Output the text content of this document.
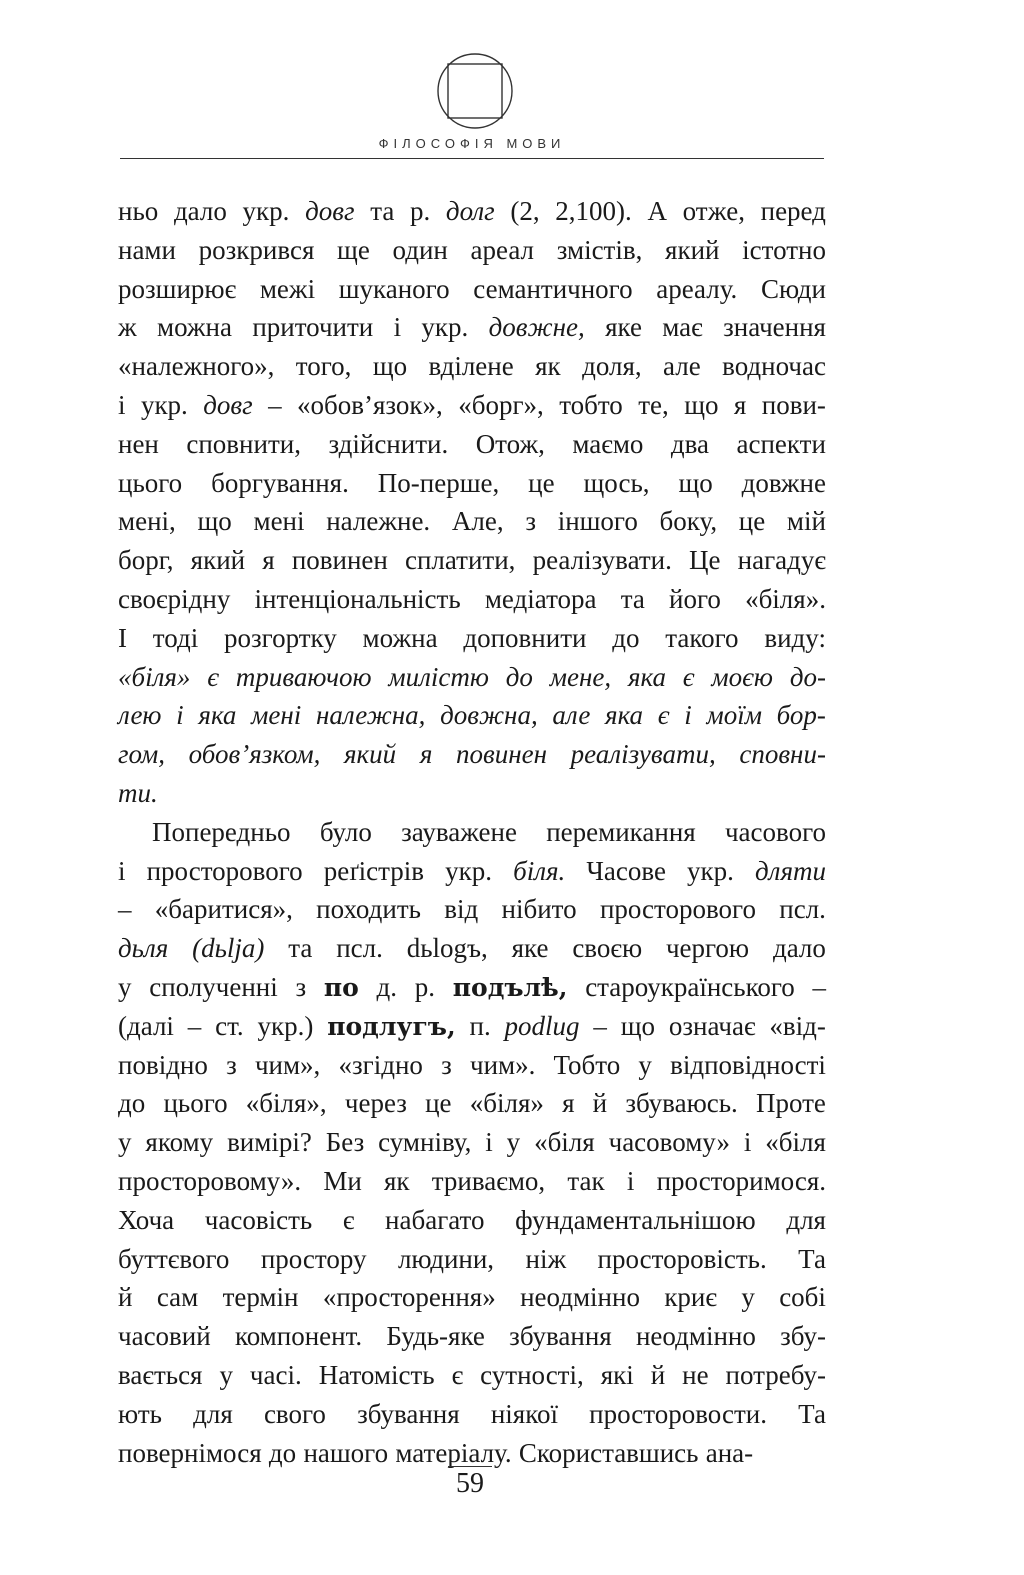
ФІЛОСОФІЯ МОВИ
ньо дало укр. довг та р. долг (2, 2,100). А отже, перед
нами розкрився ще один ареал змістів, який істотно
розширює межі шуканого семантичного ареалу. Сюди
ж можна приточити і укр. довжне, яке має значення
«належного», того, що вділене як доля, але водночас
і укр. довг – «обов’язок», «борг», тобто те, що я пови-
нен сповнити, здійснити. Отож, маємо два аспекти
цього боргування. По-перше, це щось, що довжне
мені, що мені належне. Але, з іншого боку, це мій
борг, який я повинен сплатити, реалізувати. Це нагадує
своєрідну інтенціональність медіатора та його «біля».
І тоді розгортку можна доповнити до такого виду:
«біля» є триваючою милістю до мене, яка є моєю до-
лею і яка мені належна, довжна, але яка є і моїм бор-
гом, обов’язком, який я повинен реалізувати, сповни-
ти.
Попередньо було зауважене перемикання часового
і просторового реґістрів укр. біля. Часове укр. дляти
– «баритися», походить від нібито просторового псл.
дьля (dьlja) та псл. dьlogъ, яке своєю чергою дало
у сполученні з по д. р. подълѣ, староукраїнського –
(далі – ст. укр.) подлугъ, п. podlug – що означає «від-
повідно з чим», «згідно з чим». Тобто у відповідності
до цього «біля», через це «біля» я й збуваюсь. Проте
у якому вимірі? Без сумніву, і у «біля часовому» і «біля
просторовому». Ми як триваємо, так і просторимося.
Хоча часовість є набагато фундаментальнішою для
буттєвого простору людини, ніж просторовість. Та
й сам термін «просторення» неодмінно криє у собі
часовий компонент. Будь-яке збування неодмінно збу-
вається у часі. Натомість є сутності, які й не потребу-
ють для свого збування ніякої просторовости. Та
повернімося до нашого матеріалу. Скориставшись ана-
59
